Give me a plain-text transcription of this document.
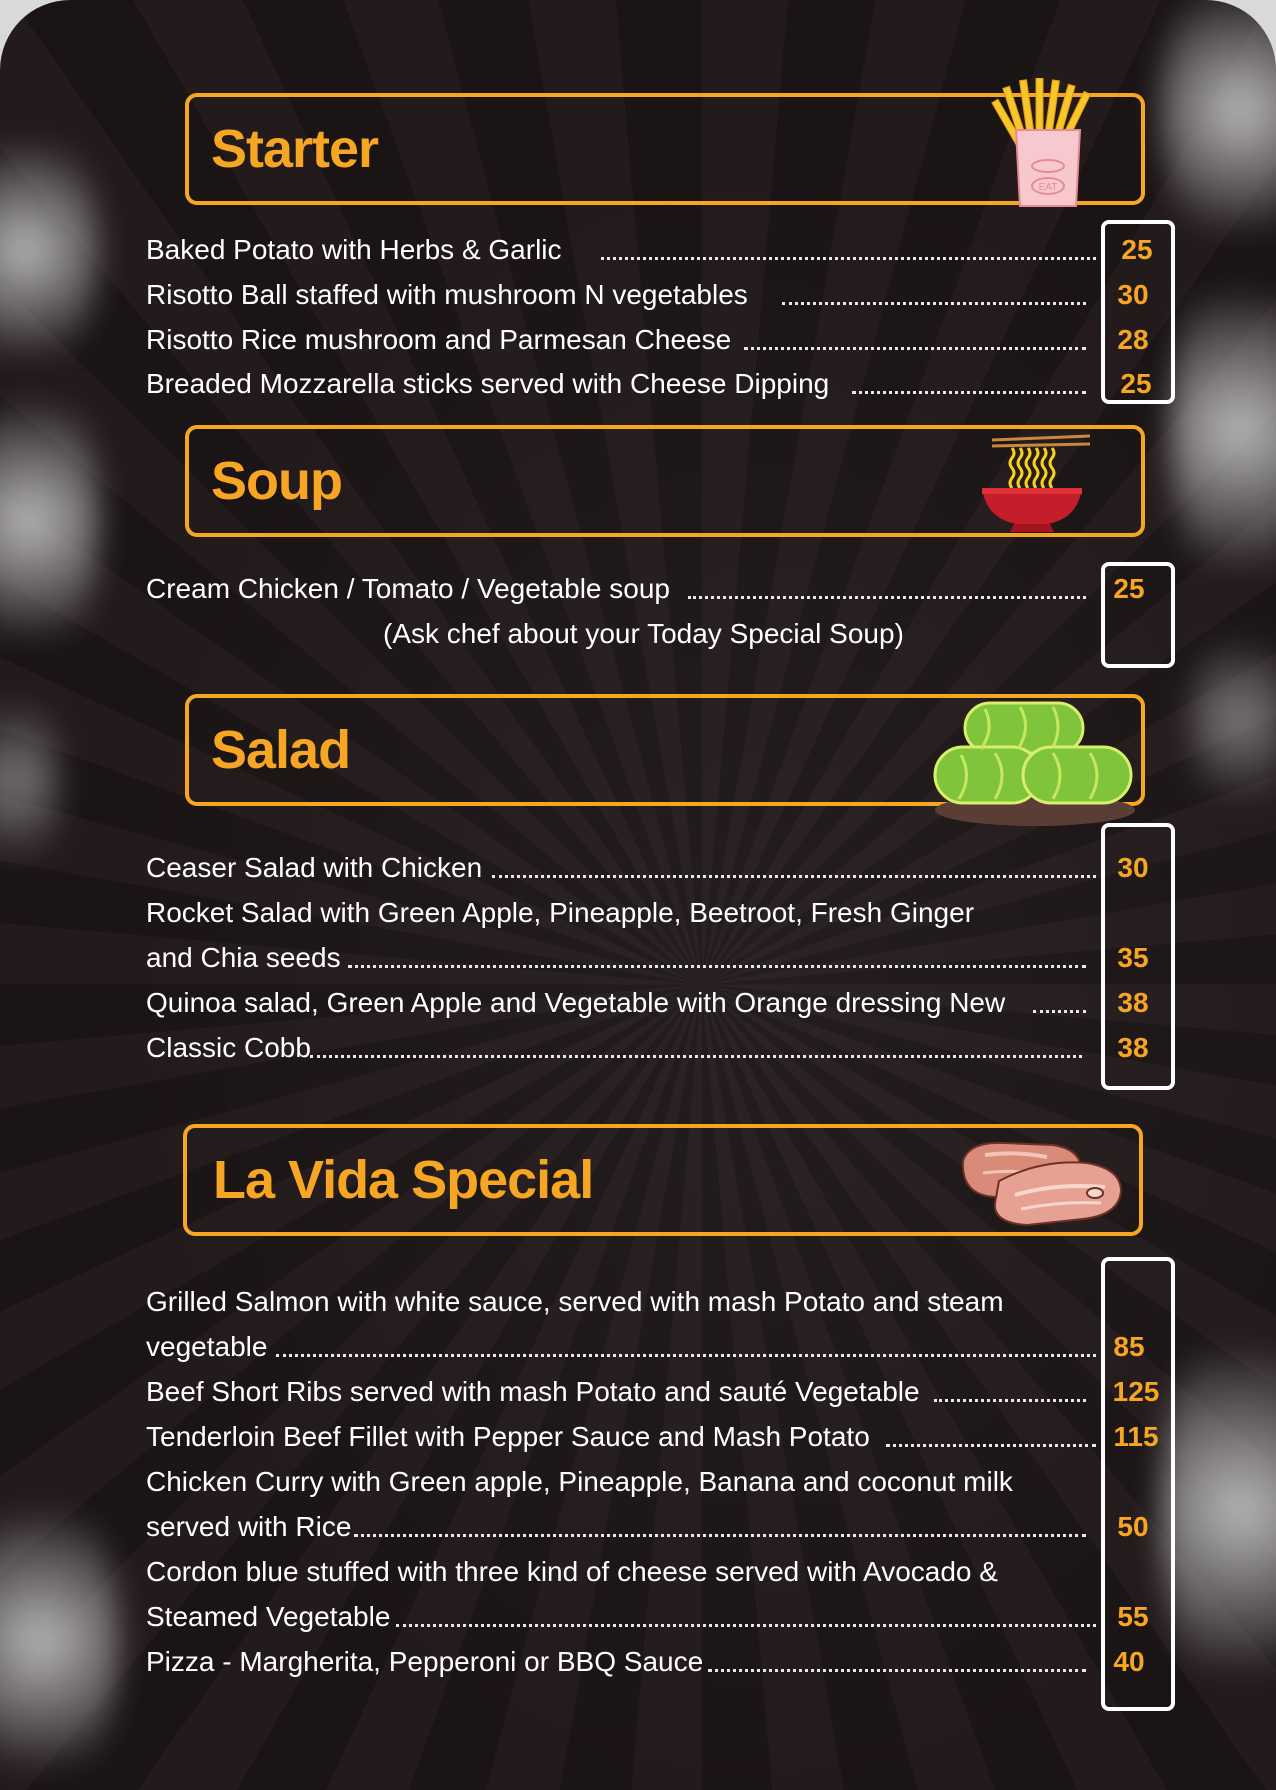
Starter
EAT
Baked Potato with Herbs & Garlic	25
Risotto Ball staffed with mushroom N vegetables	30
Risotto Rice mushroom and Parmesan Cheese	28
Breaded Mozzarella sticks served with Cheese Dipping	25
Soup
Cream Chicken / Tomato / Vegetable soup	25
(Ask chef about your Today Special Soup)
Salad
Ceaser Salad with Chicken	30
Rocket Salad with Green Apple, Pineapple, Beetroot, Fresh Ginger
and Chia seeds	35
Quinoa salad, Green Apple and Vegetable with Orange dressing New	38
Classic Cobb	38
La Vida Special
Grilled Salmon with white sauce, served with mash Potato and steam
vegetable	85
Beef Short Ribs served with mash Potato and sauté Vegetable	125
Tenderloin Beef Fillet with Pepper Sauce and Mash Potato	115
Chicken Curry with Green apple, Pineapple, Banana and coconut milk
served with Rice	50
Cordon blue stuffed with three kind of cheese served with Avocado &
Steamed Vegetable	55
Pizza - Margherita, Pepperoni or BBQ Sauce	40
